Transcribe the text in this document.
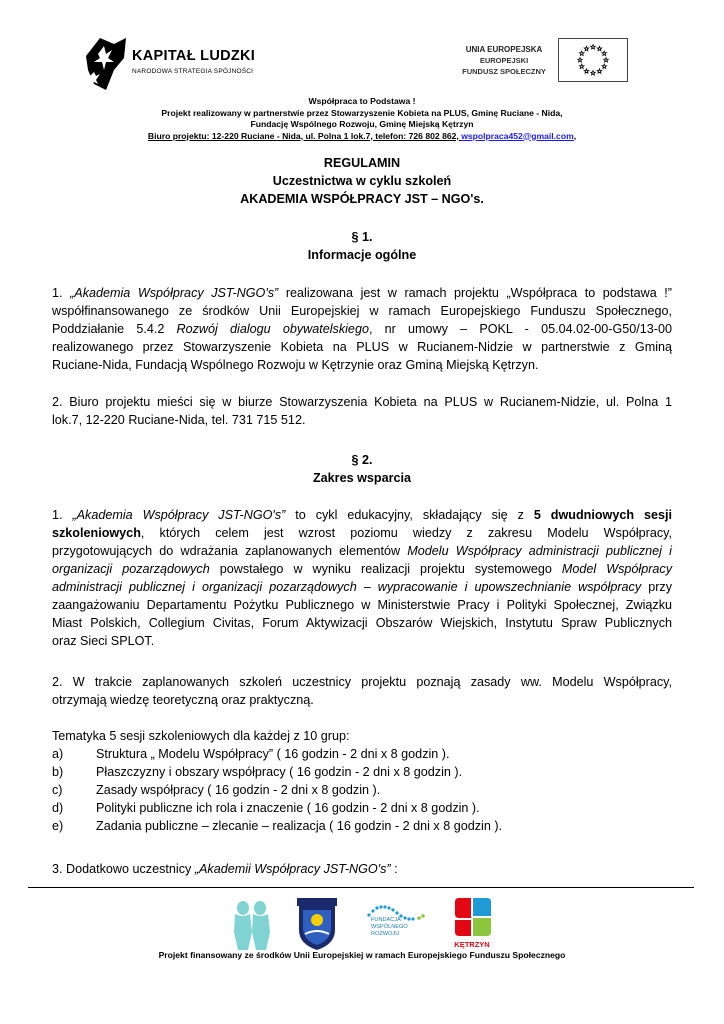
KAPITAŁ LUDZKI
NARODOWA STRATEGIA SPÓJNOŚCI
UNIA EUROPEJSKA
EUROPEJSKI
FUNDUSZ SPOŁECZNY
Współpraca to Podstawa !
Projekt realizowany w partnerstwie przez Stowarzyszenie Kobieta na PLUS, Gminę Ruciane - Nida,
Fundację Wspólnego Rozwoju, Gminę Miejską Kętrzyn
Biuro projektu: 12-220 Ruciane - Nida, ul. Polna 1 lok.7, telefon: 726 802 862, wspolpraca452@gmail.com,
REGULAMIN
Uczestnictwa w cyklu szkoleń
AKADEMIA WSPÓŁPRACY JST – NGO's.
§ 1.
Informacje ogólne
1. „Akademia Współpracy JST-NGO's” realizowana jest w ramach projektu „Współpraca to podstawa !”
współfinansowanego ze środków Unii Europejskiej w ramach Europejskiego Funduszu Społecznego,
Poddziałanie 5.4.2 Rozwój dialogu obywatelskiego, nr umowy – POKL - 05.04.02-00-G50/13-00
realizowanego przez Stowarzyszenie Kobieta na PLUS w Rucianem-Nidzie w partnerstwie z Gminą
Ruciane-Nida, Fundacją Wspólnego Rozwoju w Kętrzynie oraz Gminą Miejską Kętrzyn.
2. Biuro projektu mieści się w biurze Stowarzyszenia Kobieta na PLUS w Rucianem-Nidzie, ul. Polna 1
lok.7, 12-220 Ruciane-Nida, tel. 731 715 512.
§ 2.
Zakres wsparcia
1. „Akademia Współpracy JST-NGO's” to cykl edukacyjny, składający się z 5 dwudniowych sesji
szkoleniowych, których celem jest wzrost poziomu wiedzy z zakresu Modelu Współpracy,
przygotowujących do wdrażania zaplanowanych elementów Modelu Współpracy administracji publicznej i
organizacji pozarządowych powstałego w wyniku realizacji projektu systemowego Model Współpracy
administracji publicznej i organizacji pozarządowych – wypracowanie i upowszechnianie współpracy przy
zaangażowaniu Departamentu Pożytku Publicznego w Ministerstwie Pracy i Polityki Społecznej, Związku
Miast Polskich, Collegium Civitas, Forum Aktywizacji Obszarów Wiejskich, Instytutu Spraw Publicznych
oraz Sieci SPLOT.
2. W trakcie zaplanowanych szkoleń uczestnicy projektu poznają zasady ww. Modelu Współpracy,
otrzymają wiedzę teoretyczną oraz praktyczną.
Tematyka 5 sesji szkoleniowych dla każdej z 10 grup:
a)	Struktura „ Modelu Współpracy” ( 16 godzin - 2 dni x 8 godzin ).
b)	Płaszczyzny i obszary współpracy ( 16 godzin - 2 dni x 8 godzin ).
c)	Zasady współpracy ( 16 godzin - 2 dni x 8 godzin ).
d)	Polityki publiczne ich rola i znaczenie ( 16 godzin - 2 dni x 8 godzin ).
e)	Zadania publiczne – zlecanie – realizacja ( 16 godzin - 2 dni x 8 godzin ).
3. Dodatkowo uczestnicy „Akademii Współpracy JST-NGO's” :
FUNDACJA
WSPÓLNEGO
ROZWOJU
KĘTRZYN
Projekt finansowany ze środków Unii Europejskiej w ramach Europejskiego Funduszu Społecznego
